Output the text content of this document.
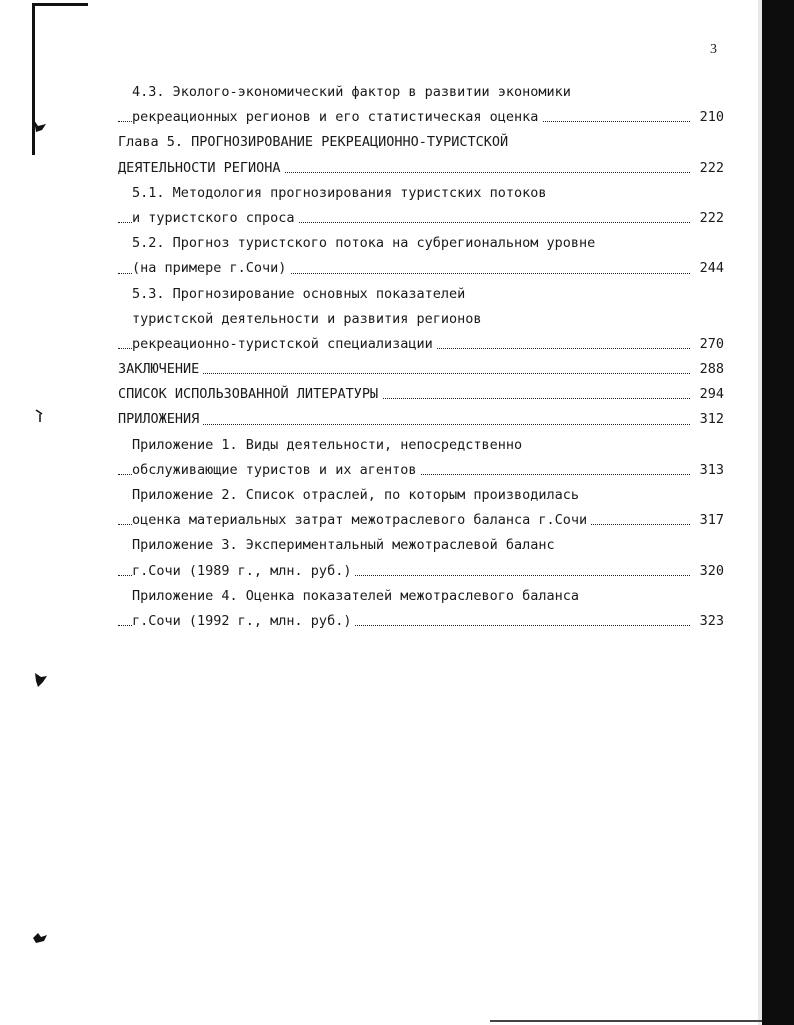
3
4.3. Эколого-экономический фактор в развитии экономики
рекреационных регионов и его статистическая оценка	210
Глава 5. ПРОГНОЗИРОВАНИЕ РЕКРЕАЦИОННО-ТУРИСТСКОЙ
ДЕЯТЕЛЬНОСТИ РЕГИОНА	222
5.1. Методология прогнозирования туристских потоков
и туристского спроса	222
5.2. Прогноз туристского потока на субрегиональном уровне
(на примере г.Сочи)	244
5.3. Прогнозирование основных показателей
туристской деятельности и развития регионов
рекреационно-туристской специализации	270
ЗАКЛЮЧЕНИЕ	288
СПИСОК ИСПОЛЬЗОВАННОЙ ЛИТЕРАТУРЫ	294
ПРИЛОЖЕНИЯ	312
Приложение 1. Виды деятельности, непосредственно
обслуживающие туристов и их агентов	313
Приложение 2. Список отраслей, по которым производилась
оценка материальных затрат межотраслевого баланса г.Сочи	317
Приложение 3. Экспериментальный межотраслевой баланс
г.Сочи (1989 г., млн. руб.)	320
Приложение 4. Оценка показателей межотраслевого баланса
г.Сочи (1992 г., млн. руб.)	323
